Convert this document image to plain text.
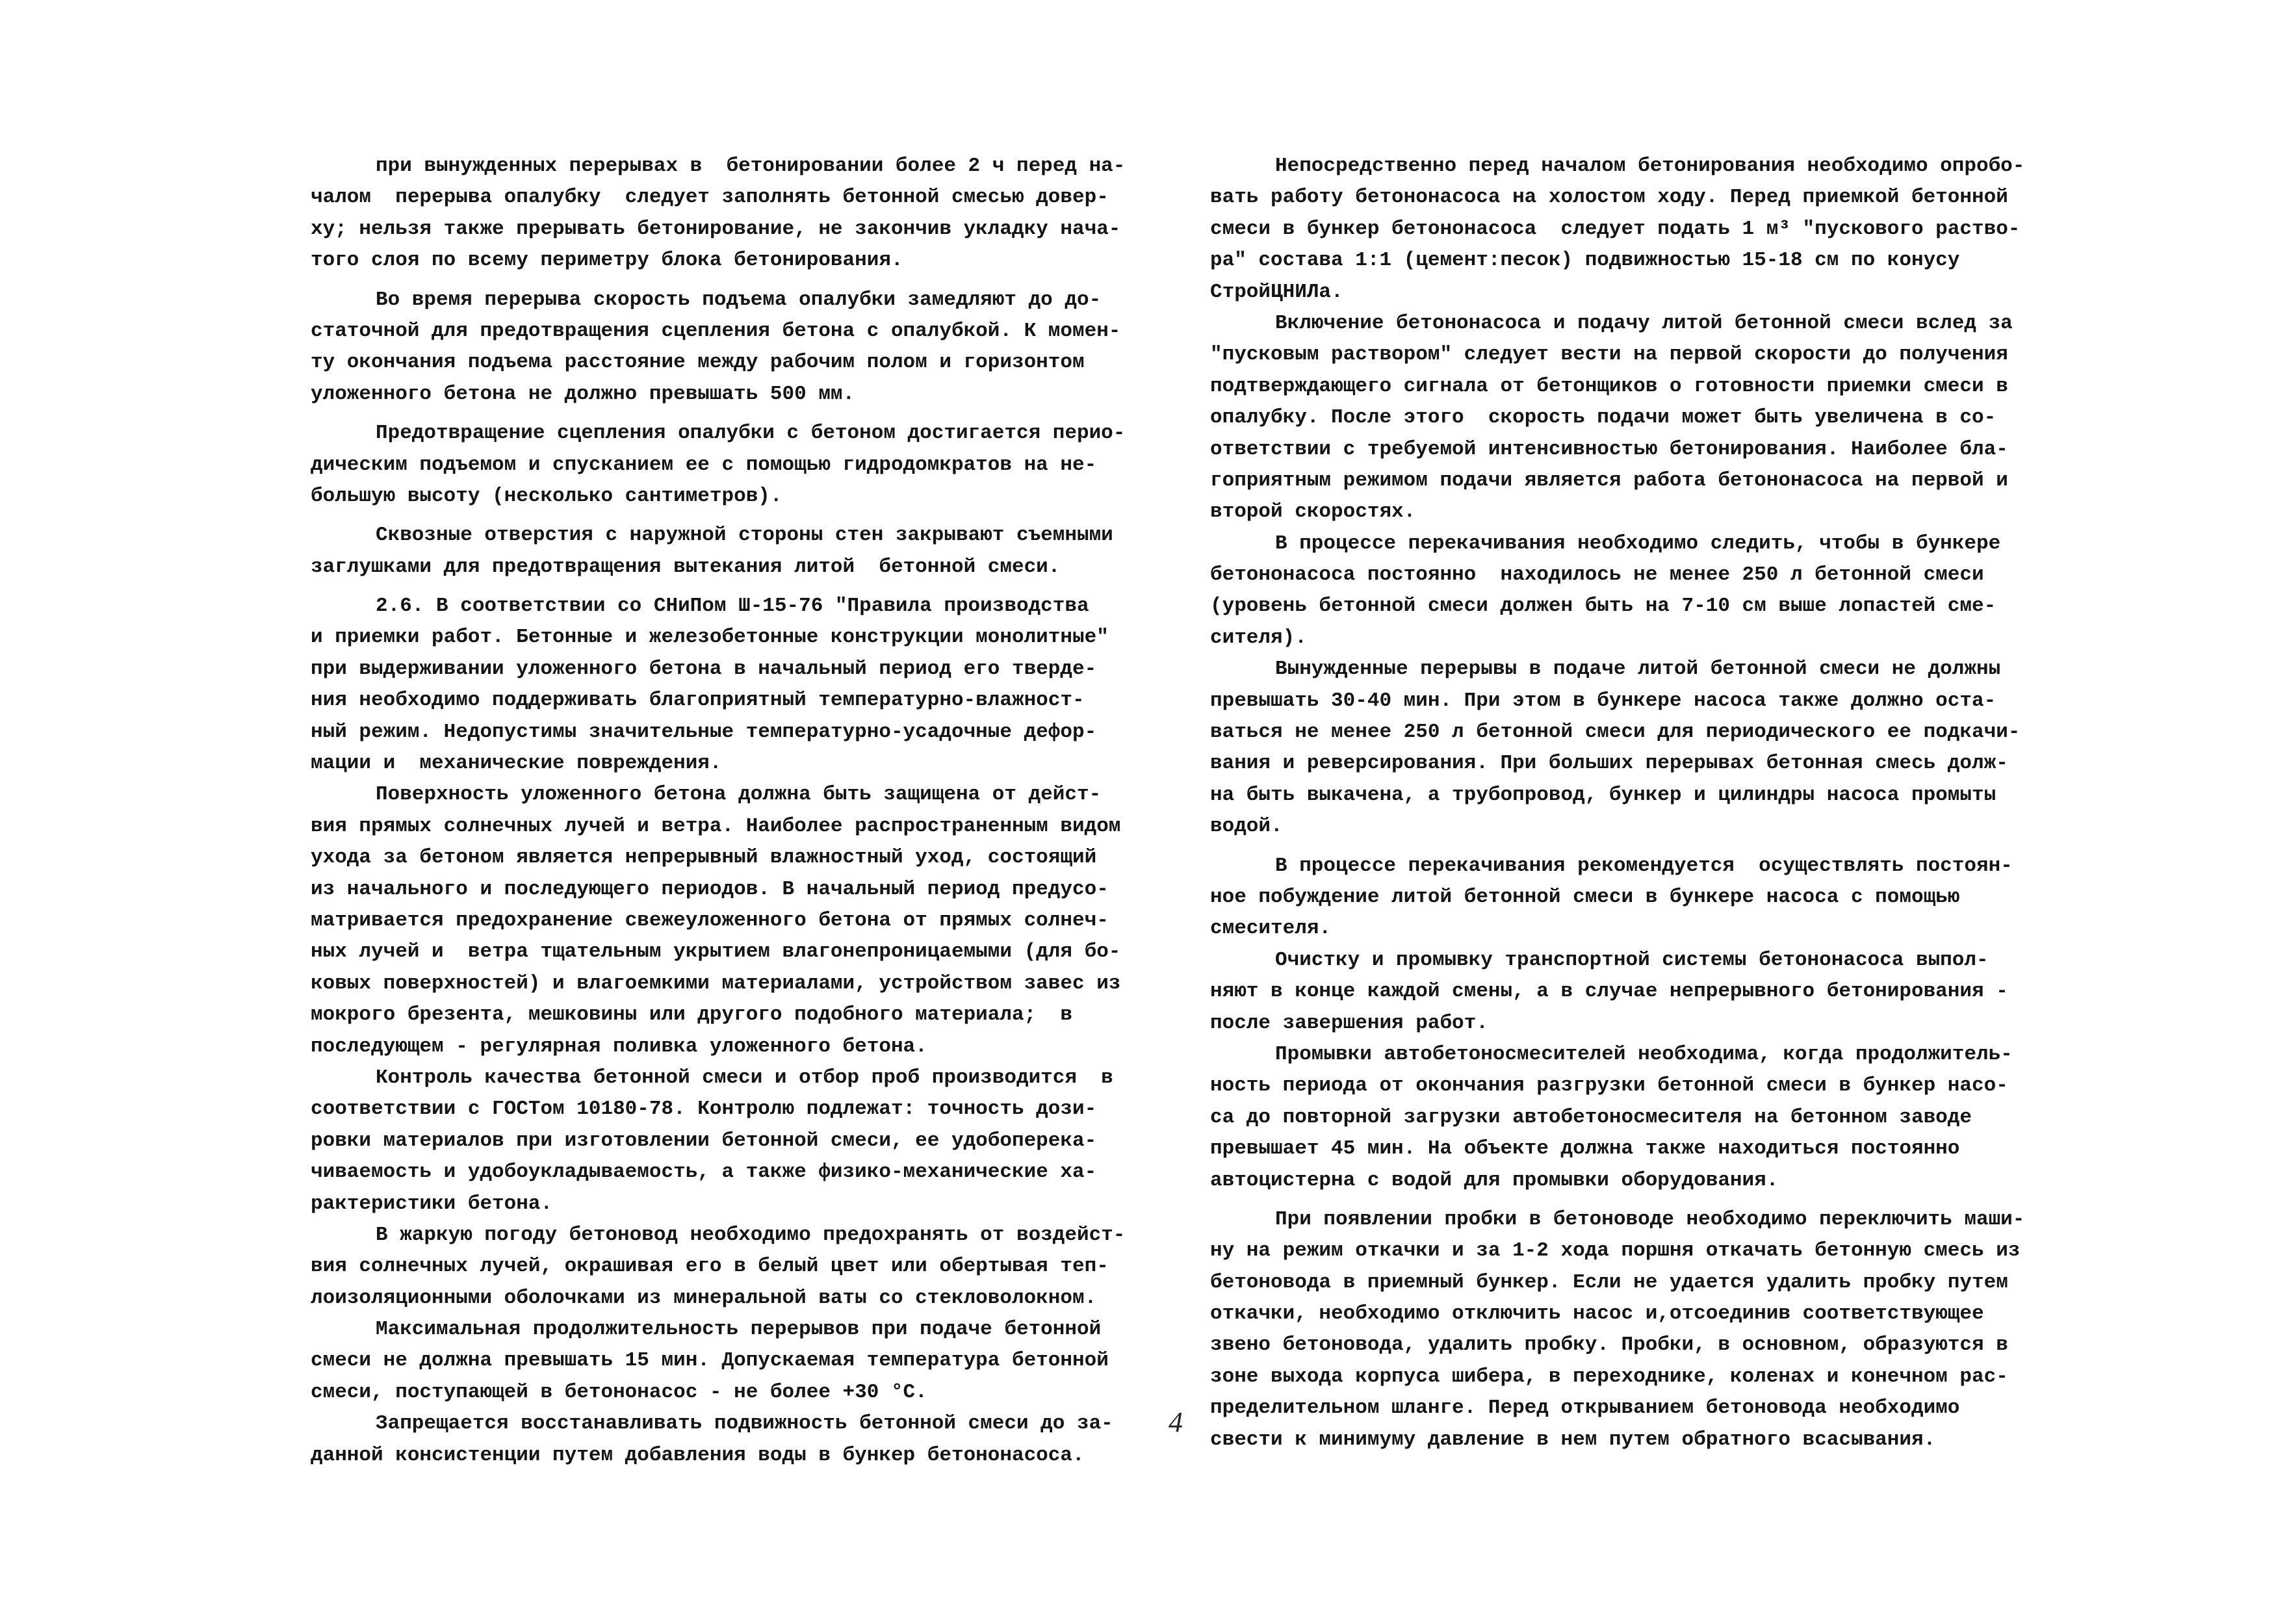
при вынужденных перерывах в  бетонировании более 2 ч перед на-
чалом  перерыва опалубку  следует заполнять бетонной смесью довер-
ху; нельзя также прерывать бетонирование, не закончив укладку нача-
того слоя по всему периметру блока бетонирования.
Во время перерыва скорость подъема опалубки замедляют до до-
статочной для предотвращения сцепления бетона с опалубкой. К момен-
ту окончания подъема расстояние между рабочим полом и горизонтом
уложенного бетона не должно превышать 500 мм.
Предотвращение сцепления опалубки с бетоном достигается перио-
дическим подъемом и спусканием ее с помощью гидродомкратов на не-
большую высоту (несколько сантиметров).
Сквозные отверстия с наружной стороны стен закрывают съемными
заглушками для предотвращения вытекания литой  бетонной смеси.
2.6. В соответствии со СНиПом Ш-15-76 "Правила производства
и приемки работ. Бетонные и железобетонные конструкции монолитные"
при выдерживании уложенного бетона в начальный период его тверде-
ния необходимо поддерживать благоприятный температурно-влажност-
ный режим. Недопустимы значительные температурно-усадочные дефор-
мации и  механические повреждения.
Поверхность уложенного бетона должна быть защищена от дейст-
вия прямых солнечных лучей и ветра. Наиболее распространенным видом
ухода за бетоном является непрерывный влажностный уход, состоящий
из начального и последующего периодов. В начальный период предусо-
матривается предохранение свежеуложенного бетона от прямых солнеч-
ных лучей и  ветра тщательным укрытием влагонепроницаемыми (для бо-
ковых поверхностей) и влагоемкими материалами, устройством завес из
мокрого брезента, мешковины или другого подобного материала;  в
последующем - регулярная поливка уложенного бетона.
Контроль качества бетонной смеси и отбор проб производится  в
соответствии с ГОСТом 10180-78. Контролю подлежат: точность дози-
ровки материалов при изготовлении бетонной смеси, ее удобоперека-
чиваемость и удобоукладываемость, а также физико-механические ха-
рактеристики бетона.
В жаркую погоду бетоновод необходимо предохранять от воздейст-
вия солнечных лучей, окрашивая его в белый цвет или обертывая теп-
лоизоляционными оболочками из минеральной ваты со стекловолокном.
Максимальная продолжительность перерывов при подаче бетонной
смеси не должна превышать 15 мин. Допускаемая температура бетонной
смеси, поступающей в бетононасос - не более +30 °С.
Запрещается восстанавливать подвижность бетонной смеси до за-
данной консистенции путем добавления воды в бункер бетононасоса.
Непосредственно перед началом бетонирования необходимо опробо-
вать работу бетононасоса на холостом ходу. Перед приемкой бетонной
смеси в бункер бетононасоса  следует подать 1 м³ "пускового раство-
ра" состава 1:1 (цемент:песок) подвижностью 15-18 см по конусу
СтройЦНИЛа.
Включение бетононасоса и подачу литой бетонной смеси вслед за
"пусковым раствором" следует вести на первой скорости до получения
подтверждающего сигнала от бетонщиков о готовности приемки смеси в
опалубку. После этого  скорость подачи может быть увеличена в со-
ответствии с требуемой интенсивностью бетонирования. Наиболее бла-
гоприятным режимом подачи является работа бетононасоса на первой и
второй скоростях.
В процессе перекачивания необходимо следить, чтобы в бункере
бетононасоса постоянно  находилось не менее 250 л бетонной смеси
(уровень бетонной смеси должен быть на 7-10 см выше лопастей сме-
сителя).
Вынужденные перерывы в подаче литой бетонной смеси не должны
превышать 30-40 мин. При этом в бункере насоса также должно оста-
ваться не менее 250 л бетонной смеси для периодического ее подкачи-
вания и реверсирования. При больших перерывах бетонная смесь долж-
на быть выкачена, а трубопровод, бункер и цилиндры насоса промыты
водой.
В процессе перекачивания рекомендуется  осуществлять постоян-
ное побуждение литой бетонной смеси в бункере насоса с помощью
смесителя.
Очистку и промывку транспортной системы бетононасоса выпол-
няют в конце каждой смены, а в случае непрерывного бетонирования -
после завершения работ.
Промывки автобетоносмесителей необходима, когда продолжитель-
ность периода от окончания разгрузки бетонной смеси в бункер насо-
са до повторной загрузки автобетоносмесителя на бетонном заводе
превышает 45 мин. На объекте должна также находиться постоянно
автоцистерна с водой для промывки оборудования.
При появлении пробки в бетоноводе необходимо переключить маши-
ну на режим откачки и за 1-2 хода поршня откачать бетонную смесь из
бетоновода в приемный бункер. Если не удается удалить пробку путем
откачки, необходимо отключить насос и,отсоединив соответствующее
звено бетоновода, удалить пробку. Пробки, в основном, образуются в
зоне выхода корпуса шибера, в переходнике, коленах и конечном рас-
пределительном шланге. Перед открыванием бетоновода необходимо
свести к минимуму давление в нем путем обратного всасывания.
4
